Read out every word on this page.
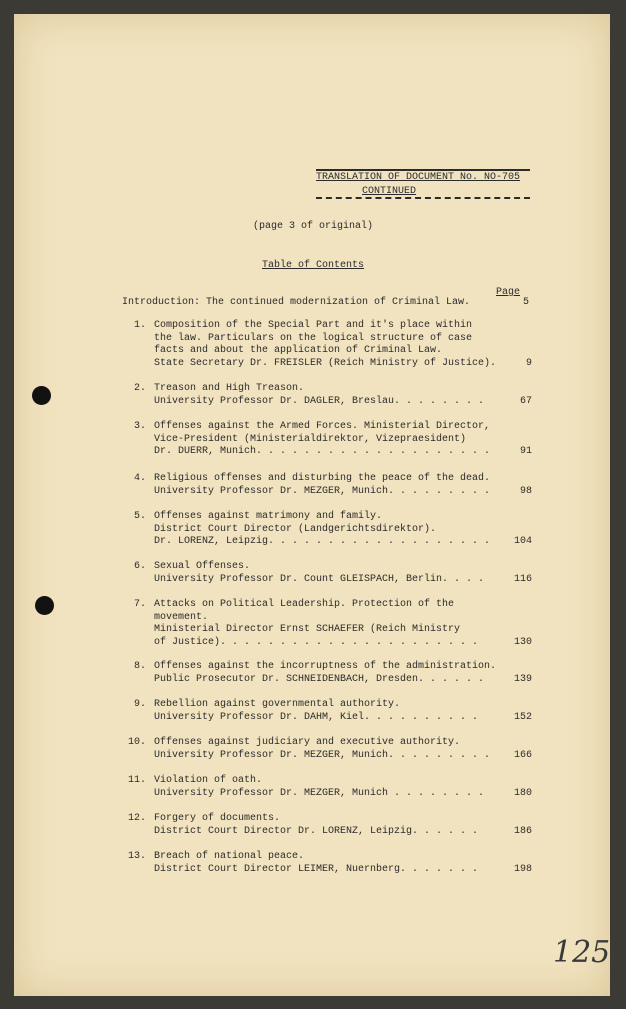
TRANSLATION OF DOCUMENT No. NO-705
CONTINUED
(page 3 of original)
Table of Contents
Page
Introduction: The continued modernization of Criminal Law.	5
1. Composition of the Special Part and it's place within
the law. Particulars on the logical structure of case
facts and about the application of Criminal Law.
State Secretary Dr. FREISLER (Reich Ministry of Justice).	9
2. Treason and High Treason.
University Professor Dr. DAGLER, Breslau. . . . . . . .	67
3. Offenses against the Armed Forces. Ministerial Director,
Vice-President (Ministerialdirektor, Vizepraesident)
Dr. DUERR, Munich. . . . . . . . . . . . . . . . . . . .	91
4. Religious offenses and disturbing the peace of the dead.
University Professor Dr. MEZGER, Munich. . . . . . . . .	98
5. Offenses against matrimony and family.
District Court Director (Landgerichtsdirektor).
Dr. LORENZ, Leipzig. . . . . . . . . . . . . . . . . . .	104
6. Sexual Offenses.
University Professor Dr. Count GLEISPACH, Berlin. . . .	116
7. Attacks on Political Leadership. Protection of the
movement.
Ministerial Director Ernst SCHAEFER (Reich Ministry
of Justice). . . . . . . . . . . . . . . . . . . . . .	130
8. Offenses against the incorruptness of the administration.
Public Prosecutor Dr. SCHNEIDENBACH, Dresden. . . . . .	139
9. Rebellion against governmental authority.
University Professor Dr. DAHM, Kiel. . . . . . . . . .	152
10. Offenses against judiciary and executive authority.
University Professor Dr. MEZGER, Munich. . . . . . . . .	166
11. Violation of oath.
University Professor Dr. MEZGER, Munich . . . . . . . .	180
12. Forgery of documents.
District Court Director Dr. LORENZ, Leipzig. . . . . .	186
13. Breach of national peace.
District Court Director LEIMER, Nuernberg. . . . . . .	198
125
